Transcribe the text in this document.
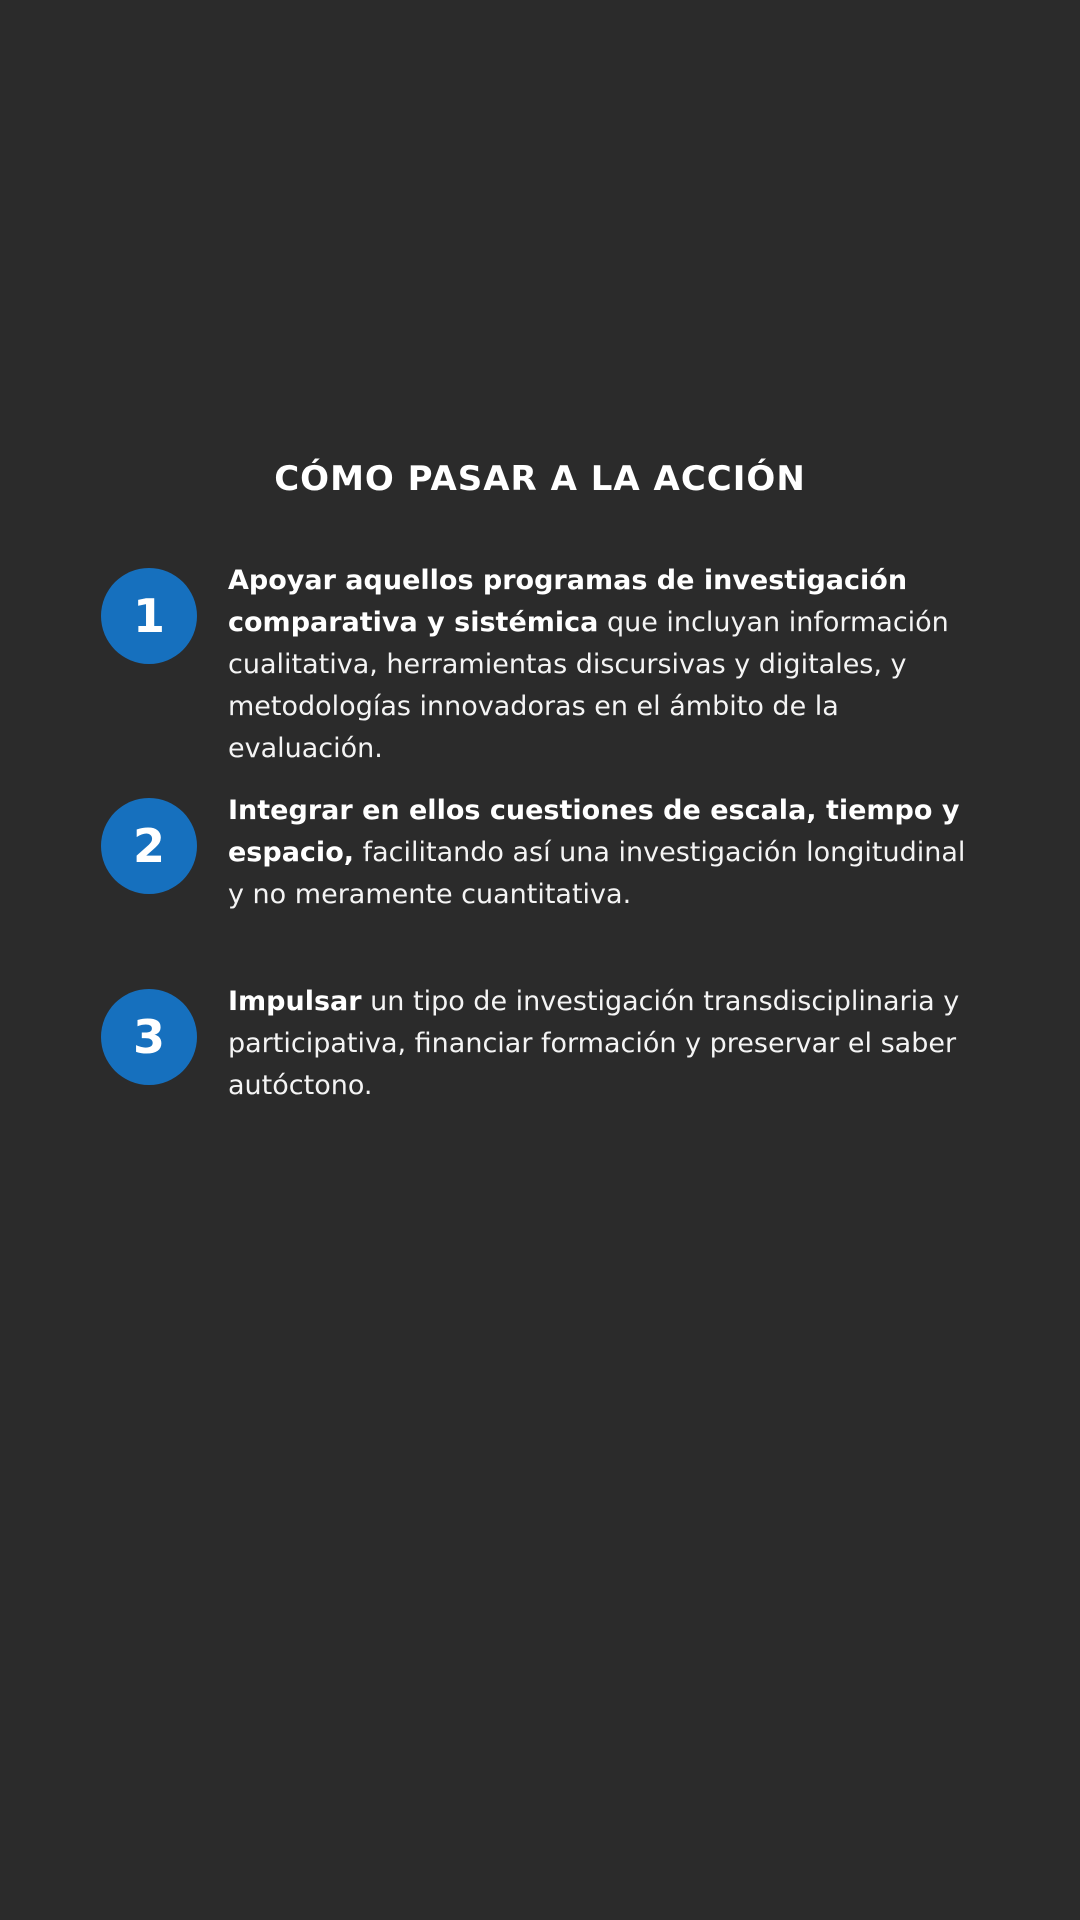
CÓMO PASAR A LA ACCIÓN
1

Apoyar aquellos programas de investigación comparativa y sistémica que incluyan información cualitativa, herramientas discursivas y digitales, y metodologías innovadoras en el ámbito de la evaluación.

2

Integrar en ellos cuestiones de escala, tiempo y espacio, facilitando así una investigación longitudinal y no meramente cuantitativa.

3

Impulsar un tipo de investigación transdisciplinaria y participativa, financiar formación y preservar el saber autóctono.
